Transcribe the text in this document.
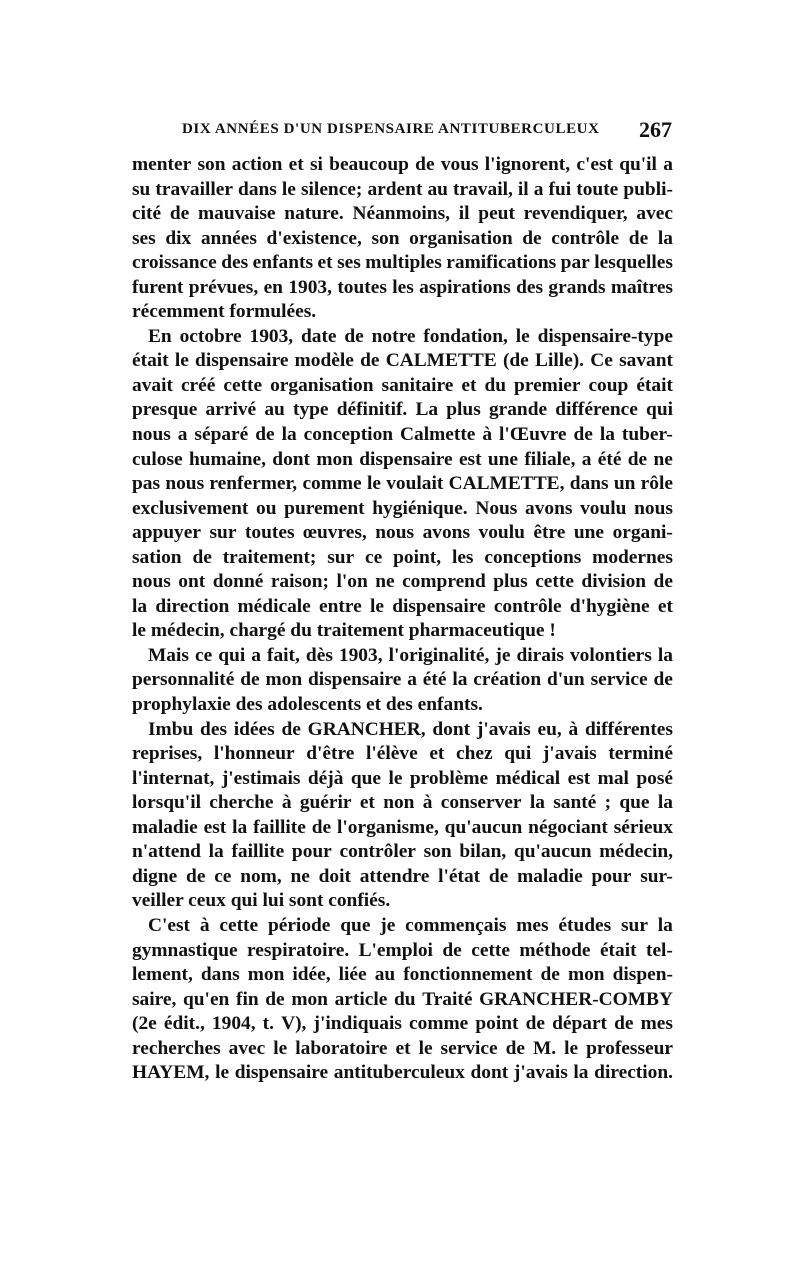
DIX ANNÉES D'UN DISPENSAIRE ANTITUBERCULEUX 267
menter son action et si beaucoup de vous l'ignorent, c'est qu'il a
su travailler dans le silence; ardent au travail, il a fui toute publi-
cité de mauvaise nature. Néanmoins, il peut revendiquer, avec
ses dix années d'existence, son organisation de contrôle de la
croissance des enfants et ses multiples ramifications par lesquelles
furent prévues, en 1903, toutes les aspirations des grands maîtres
récemment formulées.
En octobre 1903, date de notre fondation, le dispensaire-type
était le dispensaire modèle de CALMETTE (de Lille). Ce savant
avait créé cette organisation sanitaire et du premier coup était
presque arrivé au type définitif. La plus grande différence qui
nous a séparé de la conception Calmette à l'Œuvre de la tuber-
culose humaine, dont mon dispensaire est une filiale, a été de ne
pas nous renfermer, comme le voulait CALMETTE, dans un rôle
exclusivement ou purement hygiénique. Nous avons voulu nous
appuyer sur toutes œuvres, nous avons voulu être une organi-
sation de traitement; sur ce point, les conceptions modernes
nous ont donné raison; l'on ne comprend plus cette division de
la direction médicale entre le dispensaire contrôle d'hygiène et
le médecin, chargé du traitement pharmaceutique !
Mais ce qui a fait, dès 1903, l'originalité, je dirais volontiers la
personnalité de mon dispensaire a été la création d'un service de
prophylaxie des adolescents et des enfants.
Imbu des idées de GRANCHER, dont j'avais eu, à différentes
reprises, l'honneur d'être l'élève et chez qui j'avais terminé
l'internat, j'estimais déjà que le problème médical est mal posé
lorsqu'il cherche à guérir et non à conserver la santé ; que la
maladie est la faillite de l'organisme, qu'aucun négociant sérieux
n'attend la faillite pour contrôler son bilan, qu'aucun médecin,
digne de ce nom, ne doit attendre l'état de maladie pour sur-
veiller ceux qui lui sont confiés.
C'est à cette période que je commençais mes études sur la
gymnastique respiratoire. L'emploi de cette méthode était tel-
lement, dans mon idée, liée au fonctionnement de mon dispen-
saire, qu'en fin de mon article du Traité GRANCHER-COMBY
(2e édit., 1904, t. V), j'indiquais comme point de départ de mes
recherches avec le laboratoire et le service de M. le professeur
HAYEM, le dispensaire antituberculeux dont j'avais la direction.
